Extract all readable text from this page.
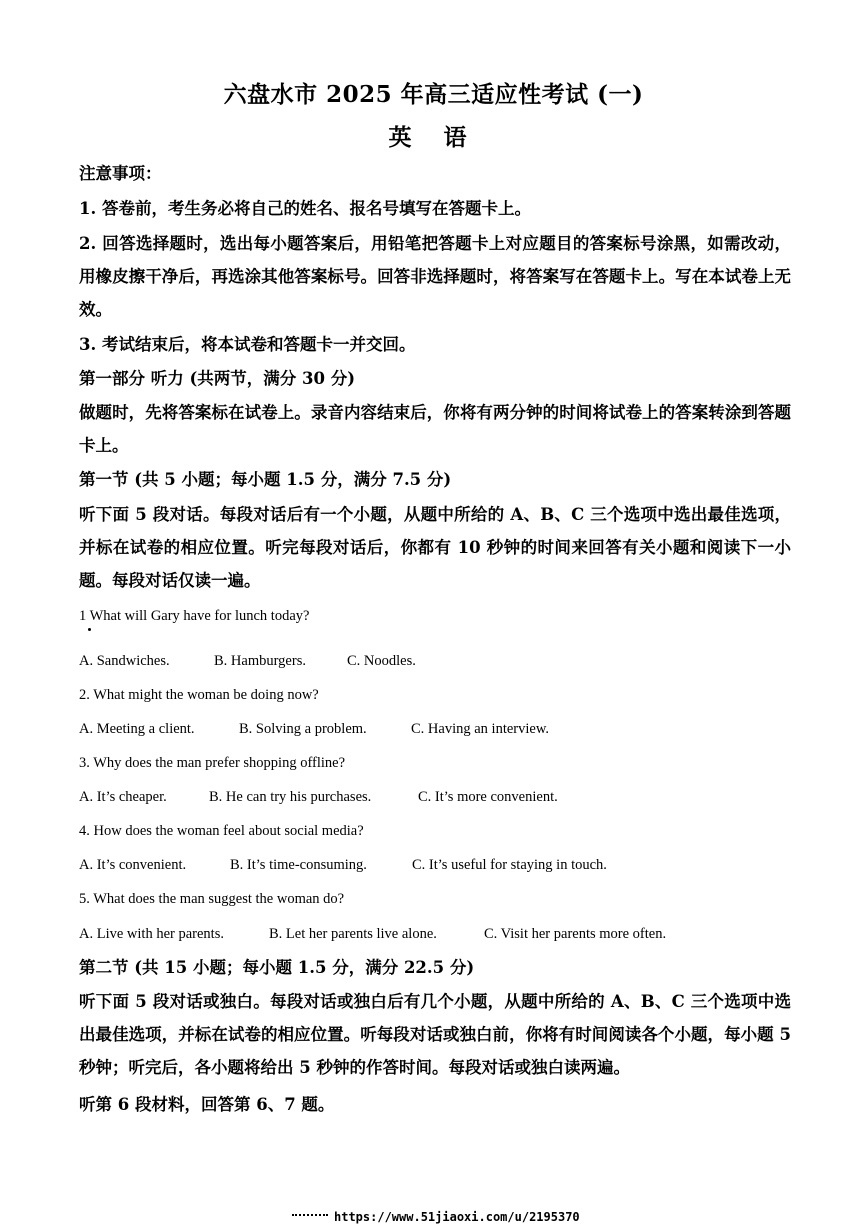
六盘水市 2025 年高三适应性考试 (一)
英 语
注意事项：
1. 答卷前，考生务必将自己的姓名、报名号填写在答题卡上。
2. 回答选择题时，选出每小题答案后，用铅笔把答题卡上对应题目的答案标号涂黑，如需改动，用橡皮擦干净后，再选涂其他答案标号。回答非选择题时，将答案写在答题卡上。写在本试卷上无效。
3. 考试结束后，将本试卷和答题卡一并交回。
第一部分 听力 (共两节，满分 30 分)
做题时，先将答案标在试卷上。录音内容结束后，你将有两分钟的时间将试卷上的答案转涂到答题卡上。
第一节 (共 5 小题；每小题 1.5 分，满分 7.5 分)
听下面 5 段对话。每段对话后有一个小题，从题中所给的 A、B、C 三个选项中选出最佳选项，并标在试卷的相应位置。听完每段对话后，你都有 10 秒钟的时间来回答有关小题和阅读下一小题。每段对话仅读一遍。
1 What will Gary have for lunch today?
A. Sandwiches.	B. Hamburgers.	C. Noodles.
2. What might the woman be doing now?
A. Meeting a client.	B. Solving a problem.	C. Having an interview.
3. Why does the man prefer shopping offline?
A. It’s cheaper.	B. He can try his purchases.	C. It’s more convenient.
4. How does the woman feel about social media?
A. It’s convenient.	B. It’s time-consuming.	C. It’s useful for staying in touch.
5. What does the man suggest the woman do?
A. Live with her parents.	B. Let her parents live alone.	C. Visit her parents more often.
第二节 (共 15 小题；每小题 1.5 分，满分 22.5 分)
听下面 5 段对话或独白。每段对话或独白后有几个小题，从题中所给的 A、B、C 三个选项中选出最佳选项，并标在试卷的相应位置。听每段对话或独白前，你将有时间阅读各个小题，每小题 5 秒钟；听完后，各小题将给出 5 秒钟的作答时间。每段对话或独白读两遍。
听第 6 段材料，回答第 6、7 题。
https://www.51jiaoxi.com/u/2195370
